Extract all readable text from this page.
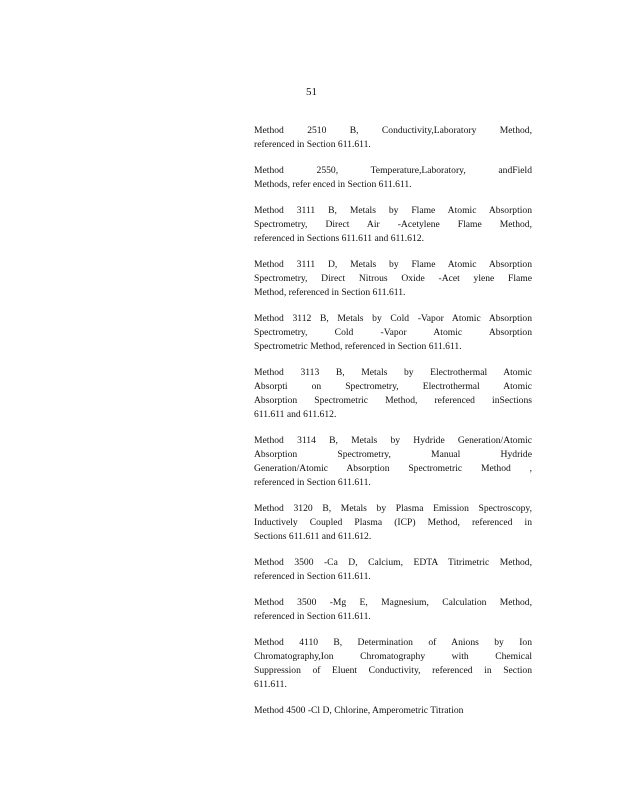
51
Method 2510 B, Conductivity,Laboratory Method,
referenced in Section 611.611.
Method 2550, Temperature,Laboratory, andField
Methods, refer enced in Section 611.611.
Method 3111 B, Metals by Flame Atomic Absorption
Spectrometry, Direct Air -Acetylene Flame Method,
referenced in Sections 611.611 and 611.612.
Method 3111 D, Metals by Flame Atomic Absorption
Spectrometry, Direct Nitrous Oxide -Acet ylene Flame
Method, referenced in Section 611.611.
Method 3112 B, Metals by Cold -Vapor Atomic Absorption
Spectrometry, Cold -Vapor Atomic Absorption
Spectrometric Method, referenced in Section 611.611.
Method 3113 B, Metals by Electrothermal Atomic
Absorpti on Spectrometry, Electrothermal Atomic
Absorption Spectrometric Method, referenced inSections
611.611 and 611.612.
Method 3114 B, Metals by Hydride Generation/Atomic
Absorption Spectrometry, Manual Hydride
Generation/Atomic Absorption Spectrometric Method ,
referenced in Section 611.611.
Method 3120 B, Metals by Plasma Emission Spectroscopy,
Inductively Coupled Plasma (ICP) Method, referenced in
Sections 611.611 and 611.612.
Method 3500 -Ca D, Calcium, EDTA Titrimetric Method,
referenced in Section 611.611.
Method 3500 -Mg E, Magnesium, Calculation Method,
referenced in Section 611.611.
Method 4110 B, Determination of Anions by Ion
Chromatography,Ion Chromatography with Chemical
Suppression of Eluent Conductivity, referenced in Section
611.611.
Method 4500 -Cl D, Chlorine, Amperometric Titration
